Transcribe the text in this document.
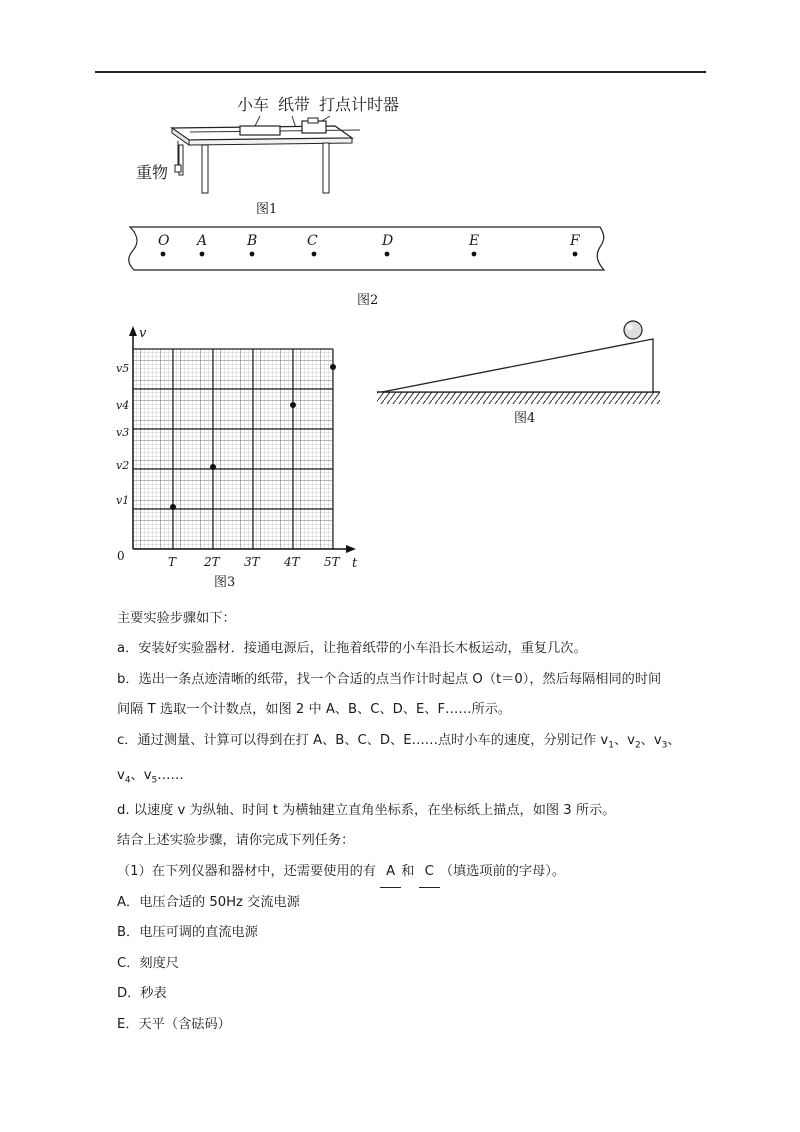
小车 纸带 打点计时器
重物
图1
O A	B	C	D	E	F
图2
v
t
0	T 2T 3T 4T 5T
v1
v2
v3
v4
v5
图3
图4

主要实验步骤如下：

a．安装好实验器材．接通电源后，让拖着纸带的小车沿长木板运动，重复几次。

b．选出一条点迹清晰的纸带，找一个合适的点当作计时起点 O（t＝0），然后每隔相同的时间

间隔 T 选取一个计数点，如图 2 中 A、B、C、D、E、F……所示。

c．通过测量、计算可以得到在打 A、B、C、D、E……点时小车的速度，分别记作 $v_1$、$v_2$、$v_3$、

$v_4$、$v_5\dots\dots$

d. 以速度 v 为纵轴、时间 t 为横轴建立直角坐标系，在坐标纸上描点，如图 3 所示。

结合上述实验步骤，请你完成下列任务：

（1）在下列仪器和器材中，还需要使用的有 A 和 C （填选项前的字母）。

A．电压合适的 50Hz 交流电源

B．电压可调的直流电源

C．刻度尺

D．秒表

E．天平（含砝码）
